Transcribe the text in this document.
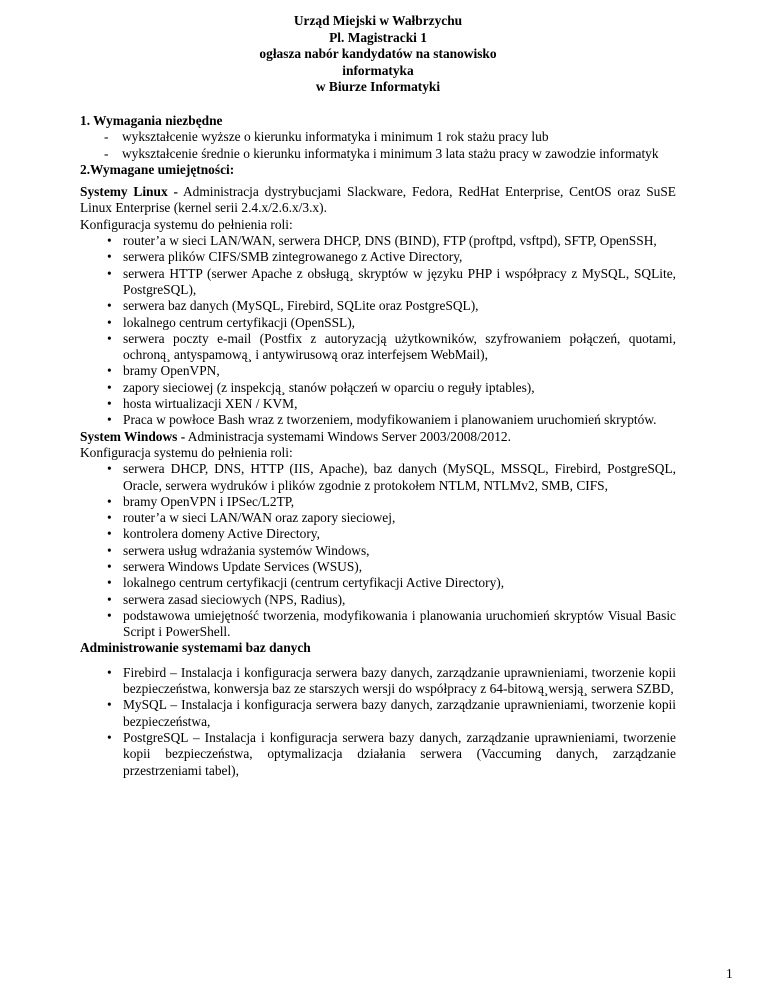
Urząd Miejski w Wałbrzychu
Pl. Magistracki 1
ogłasza nabór kandydatów na stanowisko
informatyka
w Biurze Informatyki

1. Wymagania niezbędne

- wykształcenie wyższe o kierunku informatyka i minimum 1 rok stażu pracy lub
- wykształcenie średnie o kierunku informatyka i minimum 3 lata stażu pracy w zawodzie informatyk

2.Wymagane umiejętności:

Systemy Linux - Administracja dystrybucjami Slackware, Fedora, RedHat Enterprise, CentOS oraz SuSE Linux Enterprise (kernel serii 2.4.x/2.6.x/3.x).

Konfiguracja systemu do pełnienia roli:

• router’a w sieci LAN/WAN, serwera DHCP, DNS (BIND), FTP (proftpd, vsftpd), SFTP, OpenSSH,
• serwera plików CIFS/SMB zintegrowanego z Active Directory,
• serwera HTTP (serwer Apache z obsługą¸ skryptów w języku PHP i współpracy z MySQL, SQLite, PostgreSQL),
• serwera baz danych (MySQL, Firebird, SQLite oraz PostgreSQL),
• lokalnego centrum certyfikacji (OpenSSL),
• serwera poczty e-mail (Postfix z autoryzacją użytkowników, szyfrowaniem połączeń, quotami, ochroną¸ antyspamową¸ i antywirusową oraz interfejsem WebMail),
• bramy OpenVPN,
• zapory sieciowej (z inspekcją¸ stanów połączeń w oparciu o reguły iptables),
• hosta wirtualizacji XEN / KVM,
• Praca w powłoce Bash wraz z tworzeniem, modyfikowaniem i planowaniem uruchomień skryptów.

System Windows - Administracja systemami Windows Server 2003/2008/2012.

Konfiguracja systemu do pełnienia roli:

• serwera DHCP, DNS, HTTP (IIS, Apache), baz danych (MySQL, MSSQL, Firebird, PostgreSQL, Oracle, serwera wydruków i plików zgodnie z protokołem NTLM, NTLMv2, SMB, CIFS,
• bramy OpenVPN i IPSec/L2TP,
• router’a w sieci LAN/WAN oraz zapory sieciowej,
• kontrolera domeny Active Directory,
• serwera usług wdrażania systemów Windows,
• serwera Windows Update Services (WSUS),
• lokalnego centrum certyfikacji (centrum certyfikacji Active Directory),
• serwera zasad sieciowych (NPS, Radius),
• podstawowa umiejętność tworzenia, modyfikowania i planowania uruchomień skryptów Visual Basic Script i PowerShell.

Administrowanie systemami baz danych

• Firebird – Instalacja i konfiguracja serwera bazy danych, zarządzanie uprawnieniami, tworzenie kopii bezpieczeństwa, konwersja baz ze starszych wersji do współpracy z 64-bitową¸wersją¸ serwera SZBD,
• MySQL – Instalacja i konfiguracja serwera bazy danych, zarządzanie uprawnieniami, tworzenie kopii bezpieczeństwa,
• PostgreSQL – Instalacja i konfiguracja serwera bazy danych, zarządzanie uprawnieniami, tworzenie kopii bezpieczeństwa, optymalizacja działania serwera (Vaccuming danych, zarządzanie przestrzeniami tabel),
1
